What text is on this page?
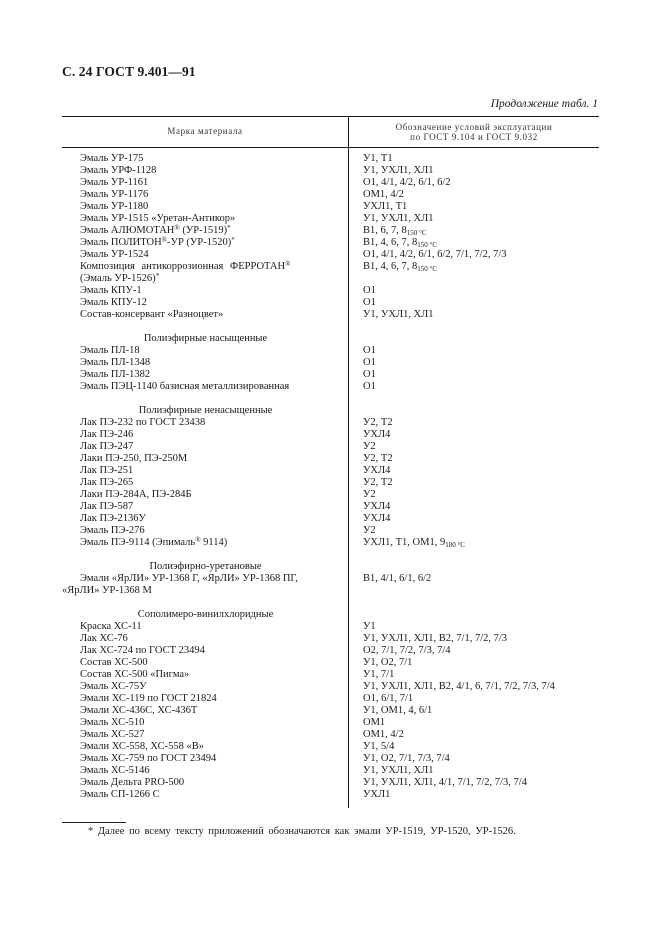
С. 24 ГОСТ 9.401—91
Продолжение табл. 1
Марка материала	Обозначение условий эксплуатации
по ГОСТ 9.104 и ГОСТ 9.032
Эмаль УР-175	У1, Т1
Эмаль УРФ-1128	У1, УХЛ1, ХЛ1
Эмаль УР-1161	О1, 4/1, 4/2, 6/1, 6/2
Эмаль УР-1176	ОМ1, 4/2
Эмаль УР-1180	УХЛ1, Т1
Эмаль УР-1515 «Уретан-Антикор»	У1, УХЛ1, ХЛ1
Эмаль АЛЮМОТАН® (УР-1519)*	В1, 6, 7, $8_{150 ^\circ С}$
Эмаль ПОЛИТОН®-УР (УР-1520)*	В1, 4, 6, 7, $8_{150 ^\circ С}$
Эмаль УР-1524	О1, 4/1, 4/2, 6/1, 6/2, 7/1, 7/2, 7/3
Композиция антикоррозионная ФЕРРОТАН®	В1, 4, 6, 7, $8_{150 ^\circ С}$
(Эмаль УР-1526)*
Эмаль КПУ-1	О1
Эмаль КПУ-12	О1
Состав-консервант «Разноцвет»	У1, УХЛ1, ХЛ1
Полиэфирные насыщенные
Эмаль ПЛ-18	О1
Эмаль ПЛ-1348	О1
Эмаль ПЛ-1382	О1
Эмаль ПЭЦ-1140 базисная металлизированная	О1
Полиэфирные ненасыщенные
Лак ПЭ-232 по ГОСТ 23438	У2, Т2
Лак ПЭ-246	УХЛ4
Лак ПЭ-247	У2
Лаки ПЭ-250, ПЭ-250М	У2, Т2
Лак ПЭ-251	УХЛ4
Лак ПЭ-265	У2, Т2
Лаки ПЭ-284А, ПЭ-284Б	У2
Лак ПЭ-587	УХЛ4
Лак ПЭ-2136У	УХЛ4
Эмаль ПЭ-276	У2
Эмаль ПЭ-9114 (Эпималь® 9114)	УХЛ1, Т1, ОМ1, $9_{180 ^\circ С}$
Полиэфирно-уретановые
Эмали «ЯрЛИ» УР-1368 Г, «ЯрЛИ» УР-1368 ПГ,	В1, 4/1, 6/1, 6/2
«ЯрЛИ» УР-1368 М
Сополимеро-винилхлоридные
Краска ХС-11	У1
Лак ХС-76	У1, УХЛ1, ХЛ1, В2, 7/1, 7/2, 7/3
Лак ХС-724 по ГОСТ 23494	О2, 7/1, 7/2, 7/3, 7/4
Состав ХС-500	У1, О2, 7/1
Состав ХС-500 «Пигма»	У1, 7/1
Эмаль ХС-75У	У1, УХЛ1, ХЛ1, В2, 4/1, 6, 7/1, 7/2, 7/3, 7/4
Эмали ХС-119 по ГОСТ 21824	О1, 6/1, 7/1
Эмали ХС-436С, ХС-436Т	У1, ОМ1, 4, 6/1
Эмаль ХС-510	ОМ1
Эмаль ХС-527	ОМ1, 4/2
Эмали ХС-558, ХС-558 «В»	У1, 5/4
Эмаль ХС-759 по ГОСТ 23494	У1, О2, 7/1, 7/3, 7/4
Эмаль ХС-5146	У1, УХЛ1, ХЛ1
Эмаль Дельта PRO-500	У1, УХЛ1, ХЛ1, 4/1, 7/1, 7/2, 7/3, 7/4
Эмаль СП-1266 С	УХЛ1
* Далее по всему тексту приложений обозначаются как эмали УР-1519, УР-1520, УР-1526.
